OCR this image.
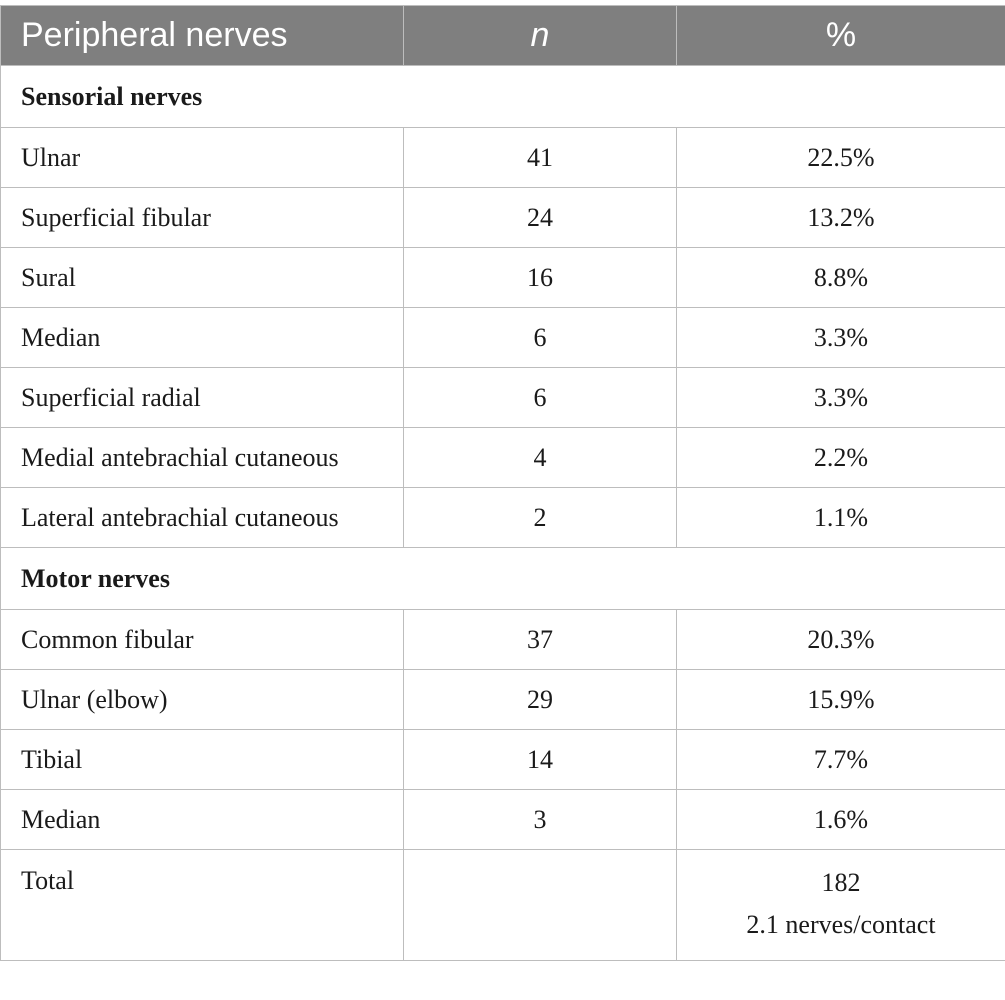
Peripheral nerves	n	%
Sensorial nerves		
Ulnar	41	22.5%
Superficial fibular	24	13.2%
Sural	16	8.8%
Median	6	3.3%
Superficial radial	6	3.3%
Medial antebrachial cutaneous	4	2.2%
Lateral antebrachial cutaneous	2	1.1%
Motor nerves		
Common fibular	37	20.3%
Ulnar (elbow)	29	15.9%
Tibial	14	7.7%
Median	3	1.6%
Total		182
2.1 nerves/contact
